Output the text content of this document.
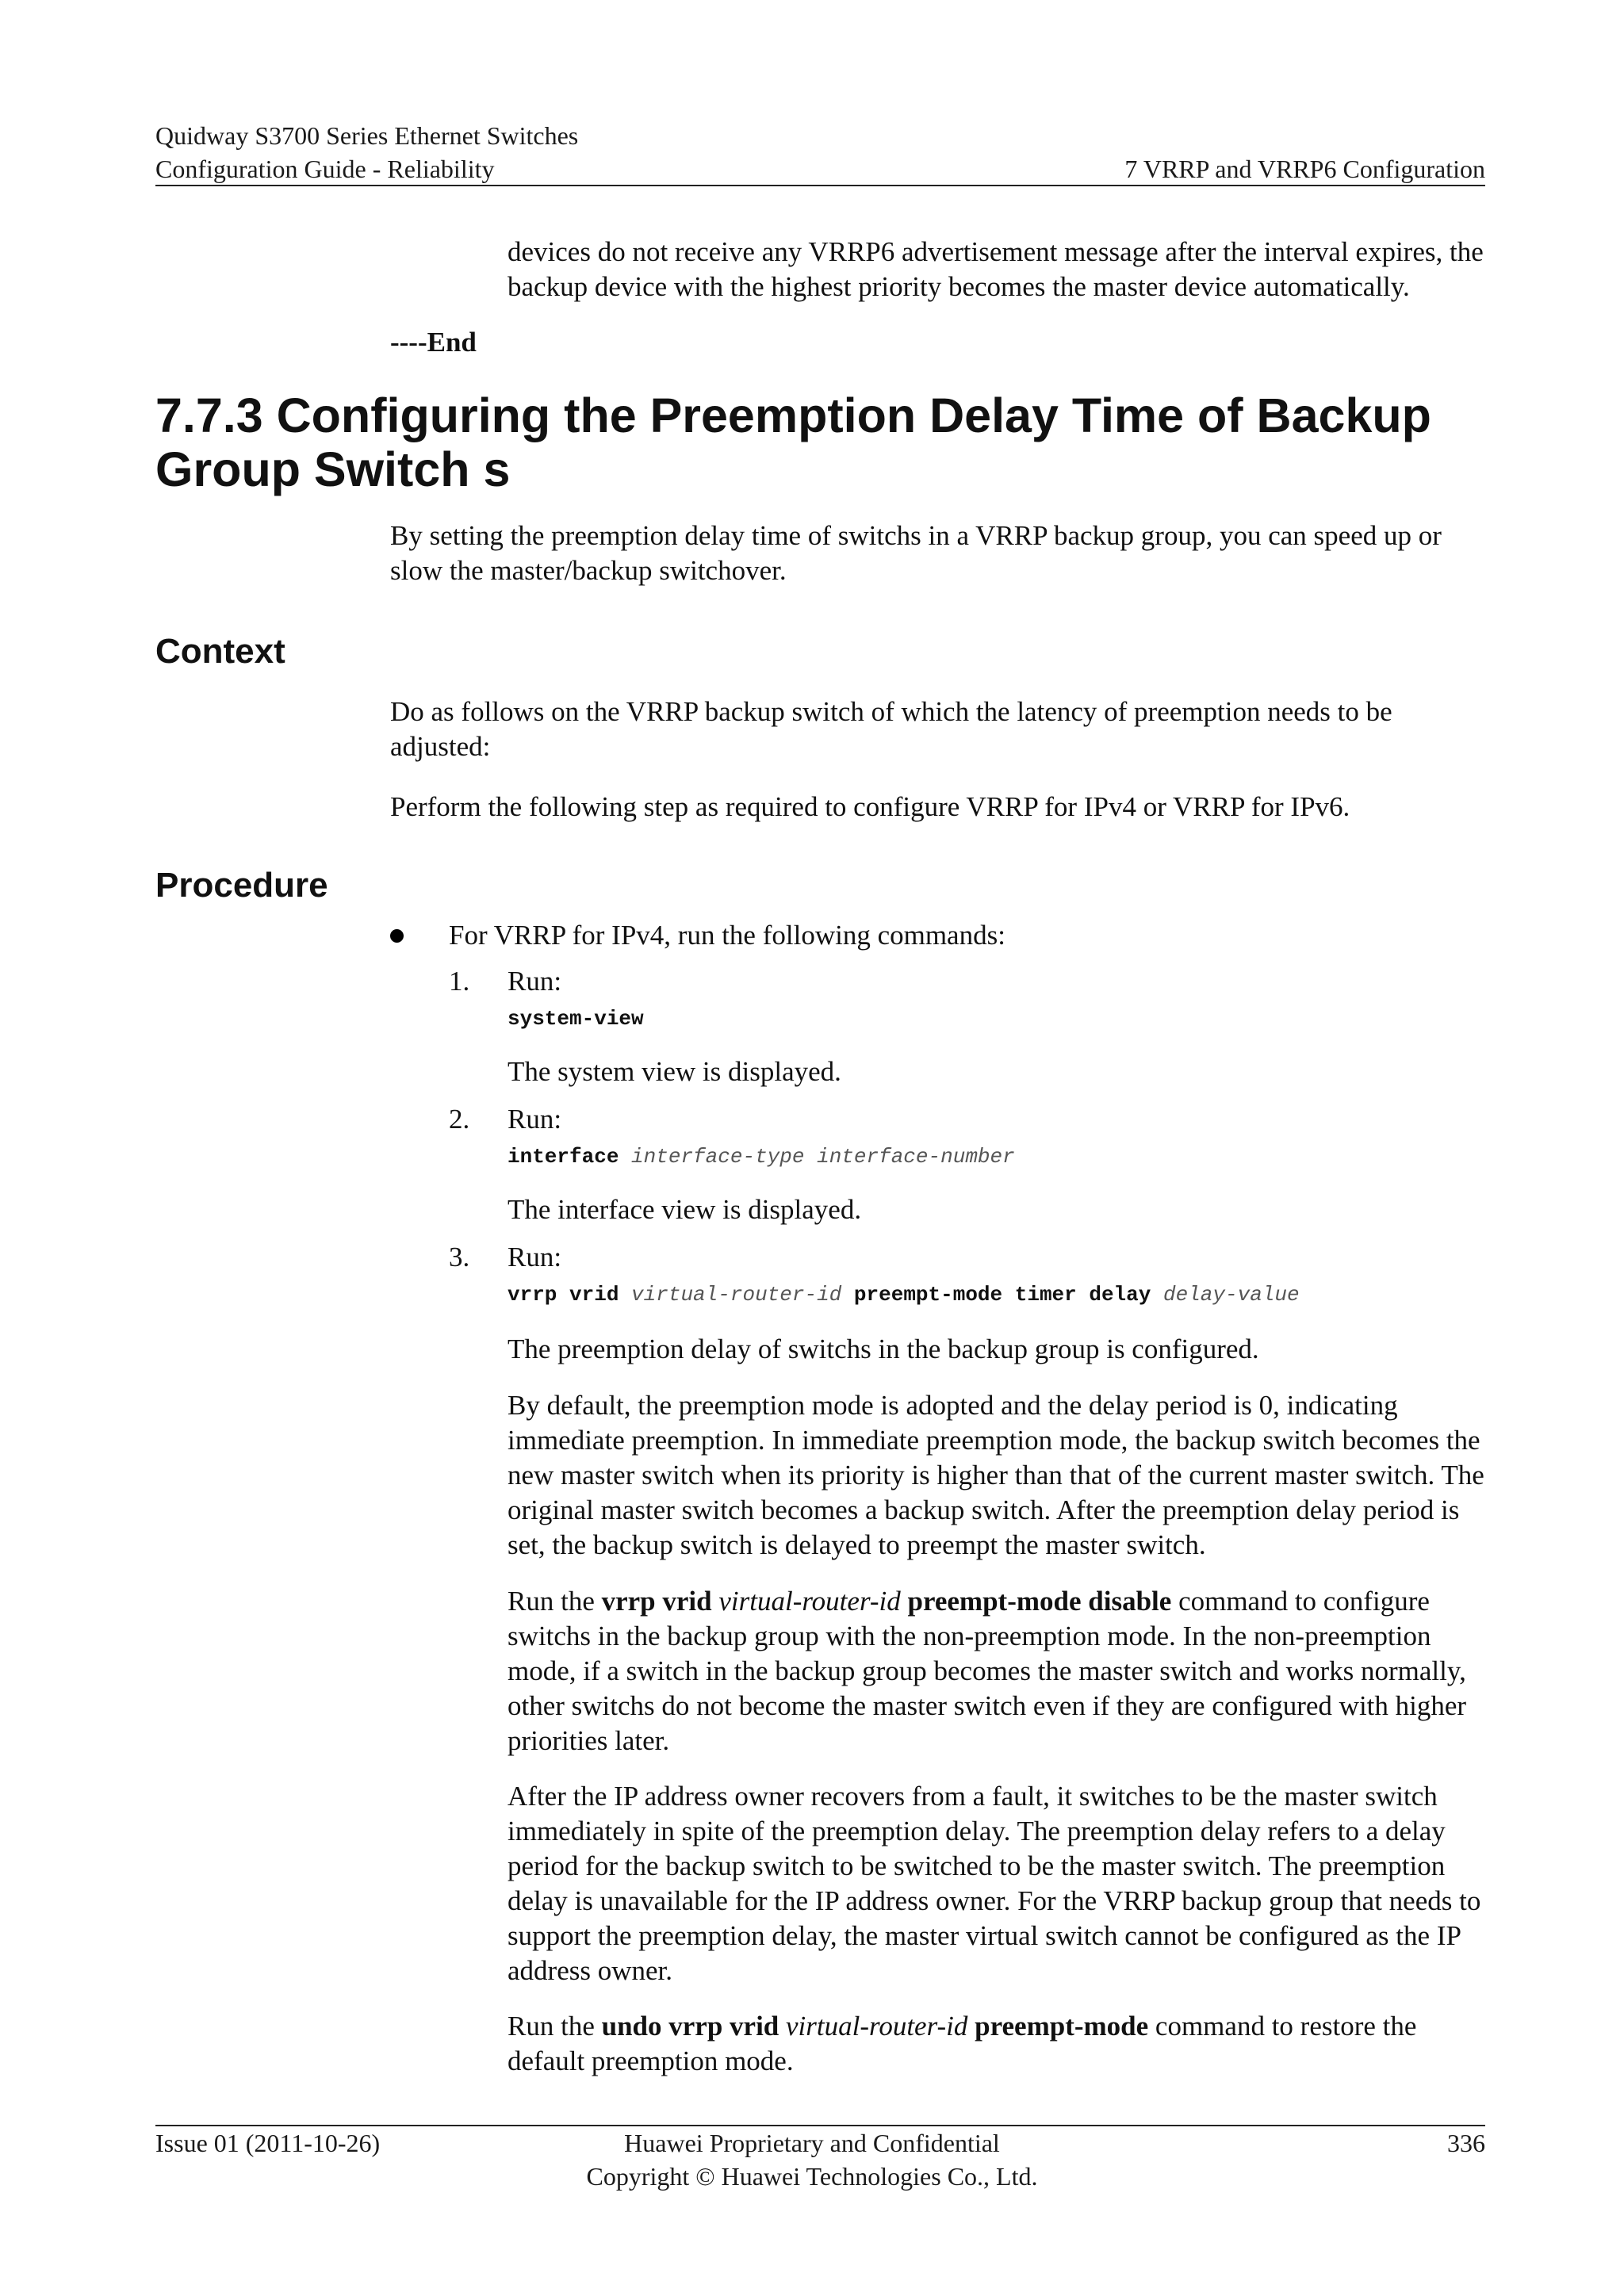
Quidway S3700 Series Ethernet Switches
Configuration Guide - Reliability	7 VRRP and VRRP6 Configuration

devices do not receive any VRRP6 advertisement message after the interval expires, the backup device with the highest priority becomes the master device automatically.

----End
7.7.3 Configuring the Preemption Delay Time of Backup Group Switch s

By setting the preemption delay time of switchs in a VRRP backup group, you can speed up or slow the master/backup switchover.

Context

Do as follows on the VRRP backup switch of which the latency of preemption needs to be adjusted:

Perform the following step as required to configure VRRP for IPv4 or VRRP for IPv6.

Procedure

For VRRP for IPv4, run the following commands:

1. Run:
system-view

The system view is displayed.

2. Run:
interface interface-type interface-number

The interface view is displayed.

3. Run:
vrrp vrid virtual-router-id preempt-mode timer delay delay-value

The preemption delay of switchs in the backup group is configured.

By default, the preemption mode is adopted and the delay period is 0, indicating immediate preemption. In immediate preemption mode, the backup switch becomes the new master switch when its priority is higher than that of the current master switch. The original master switch becomes a backup switch. After the preemption delay period is set, the backup switch is delayed to preempt the master switch.

Run the vrrp vrid virtual-router-id preempt-mode disable command to configure switchs in the backup group with the non-preemption mode. In the non-preemption mode, if a switch in the backup group becomes the master switch and works normally, other switchs do not become the master switch even if they are configured with higher priorities later.

After the IP address owner recovers from a fault, it switches to be the master switch immediately in spite of the preemption delay. The preemption delay refers to a delay period for the backup switch to be switched to be the master switch. The preemption delay is unavailable for the IP address owner. For the VRRP backup group that needs to support the preemption delay, the master virtual switch cannot be configured as the IP address owner.

Run the undo vrrp vrid virtual-router-id preempt-mode command to restore the default preemption mode.

Issue 01 (2011-10-26)	Huawei Proprietary and Confidential
Copyright © Huawei Technologies Co., Ltd.
336
